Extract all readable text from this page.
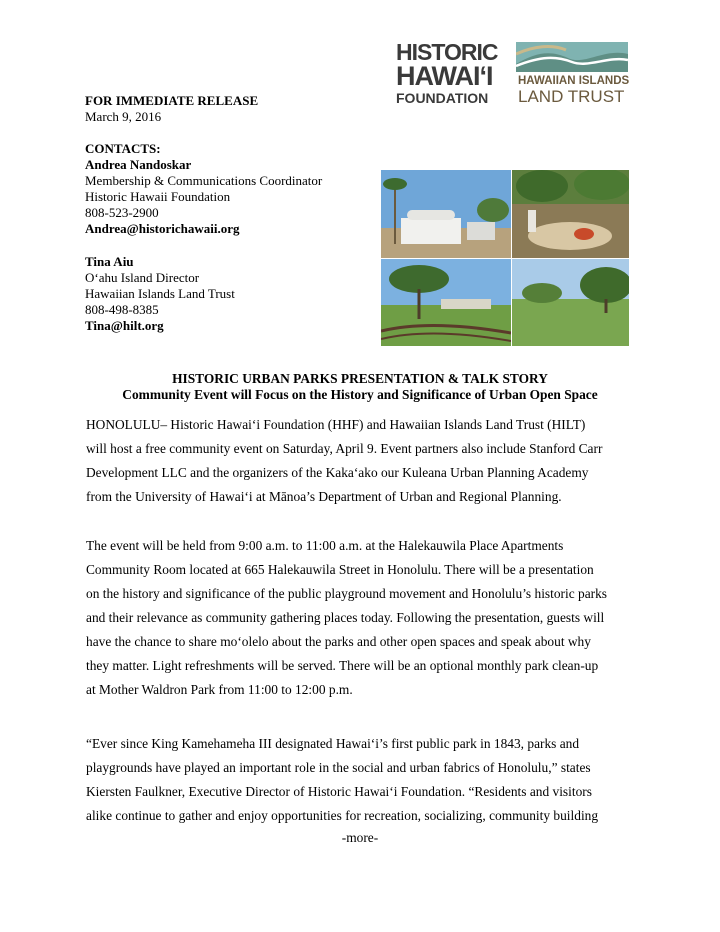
HISTORIC
HAWAI‘I
FOUNDATION
HAWAIIAN ISLANDS
LAND TRUST
FOR IMMEDIATE RELEASE
March 9, 2016
CONTACTS:
Andrea Nandoskar
Membership & Communications Coordinator
Historic Hawaii Foundation
808-523-2900
Andrea@historichawaii.org
Tina Aiu
O‘ahu Island Director
Hawaiian Islands Land Trust
808-498-8385
Tina@hilt.org
HISTORIC URBAN PARKS PRESENTATION & TALK STORY
Community Event will Focus on the History and Significance of Urban Open Space
HONOLULU– Historic Hawai‘i Foundation (HHF) and Hawaiian Islands Land Trust (HILT)
will host a free community event on Saturday, April 9. Event partners also include Stanford Carr
Development LLC and the organizers of the Kaka‘ako our Kuleana Urban Planning Academy
from the University of Hawai‘i at Mānoa’s Department of Urban and Regional Planning.
The event will be held from 9:00 a.m. to 11:00 a.m. at the Halekauwila Place Apartments
Community Room located at 665 Halekauwila Street in Honolulu. There will be a presentation
on the history and significance of the public playground movement and Honolulu’s historic parks
and their relevance as community gathering places today. Following the presentation, guests will
have the chance to share mo‘olelo about the parks and other open spaces and speak about why
they matter. Light refreshments will be served. There will be an optional monthly park clean-up
at Mother Waldron Park from 11:00 to 12:00 p.m.
“Ever since King Kamehameha III designated Hawai‘i’s first public park in 1843, parks and
playgrounds have played an important role in the social and urban fabrics of Honolulu,” states
Kiersten Faulkner, Executive Director of Historic Hawai‘i Foundation. “Residents and visitors
alike continue to gather and enjoy opportunities for recreation, socializing, community building
-more-
